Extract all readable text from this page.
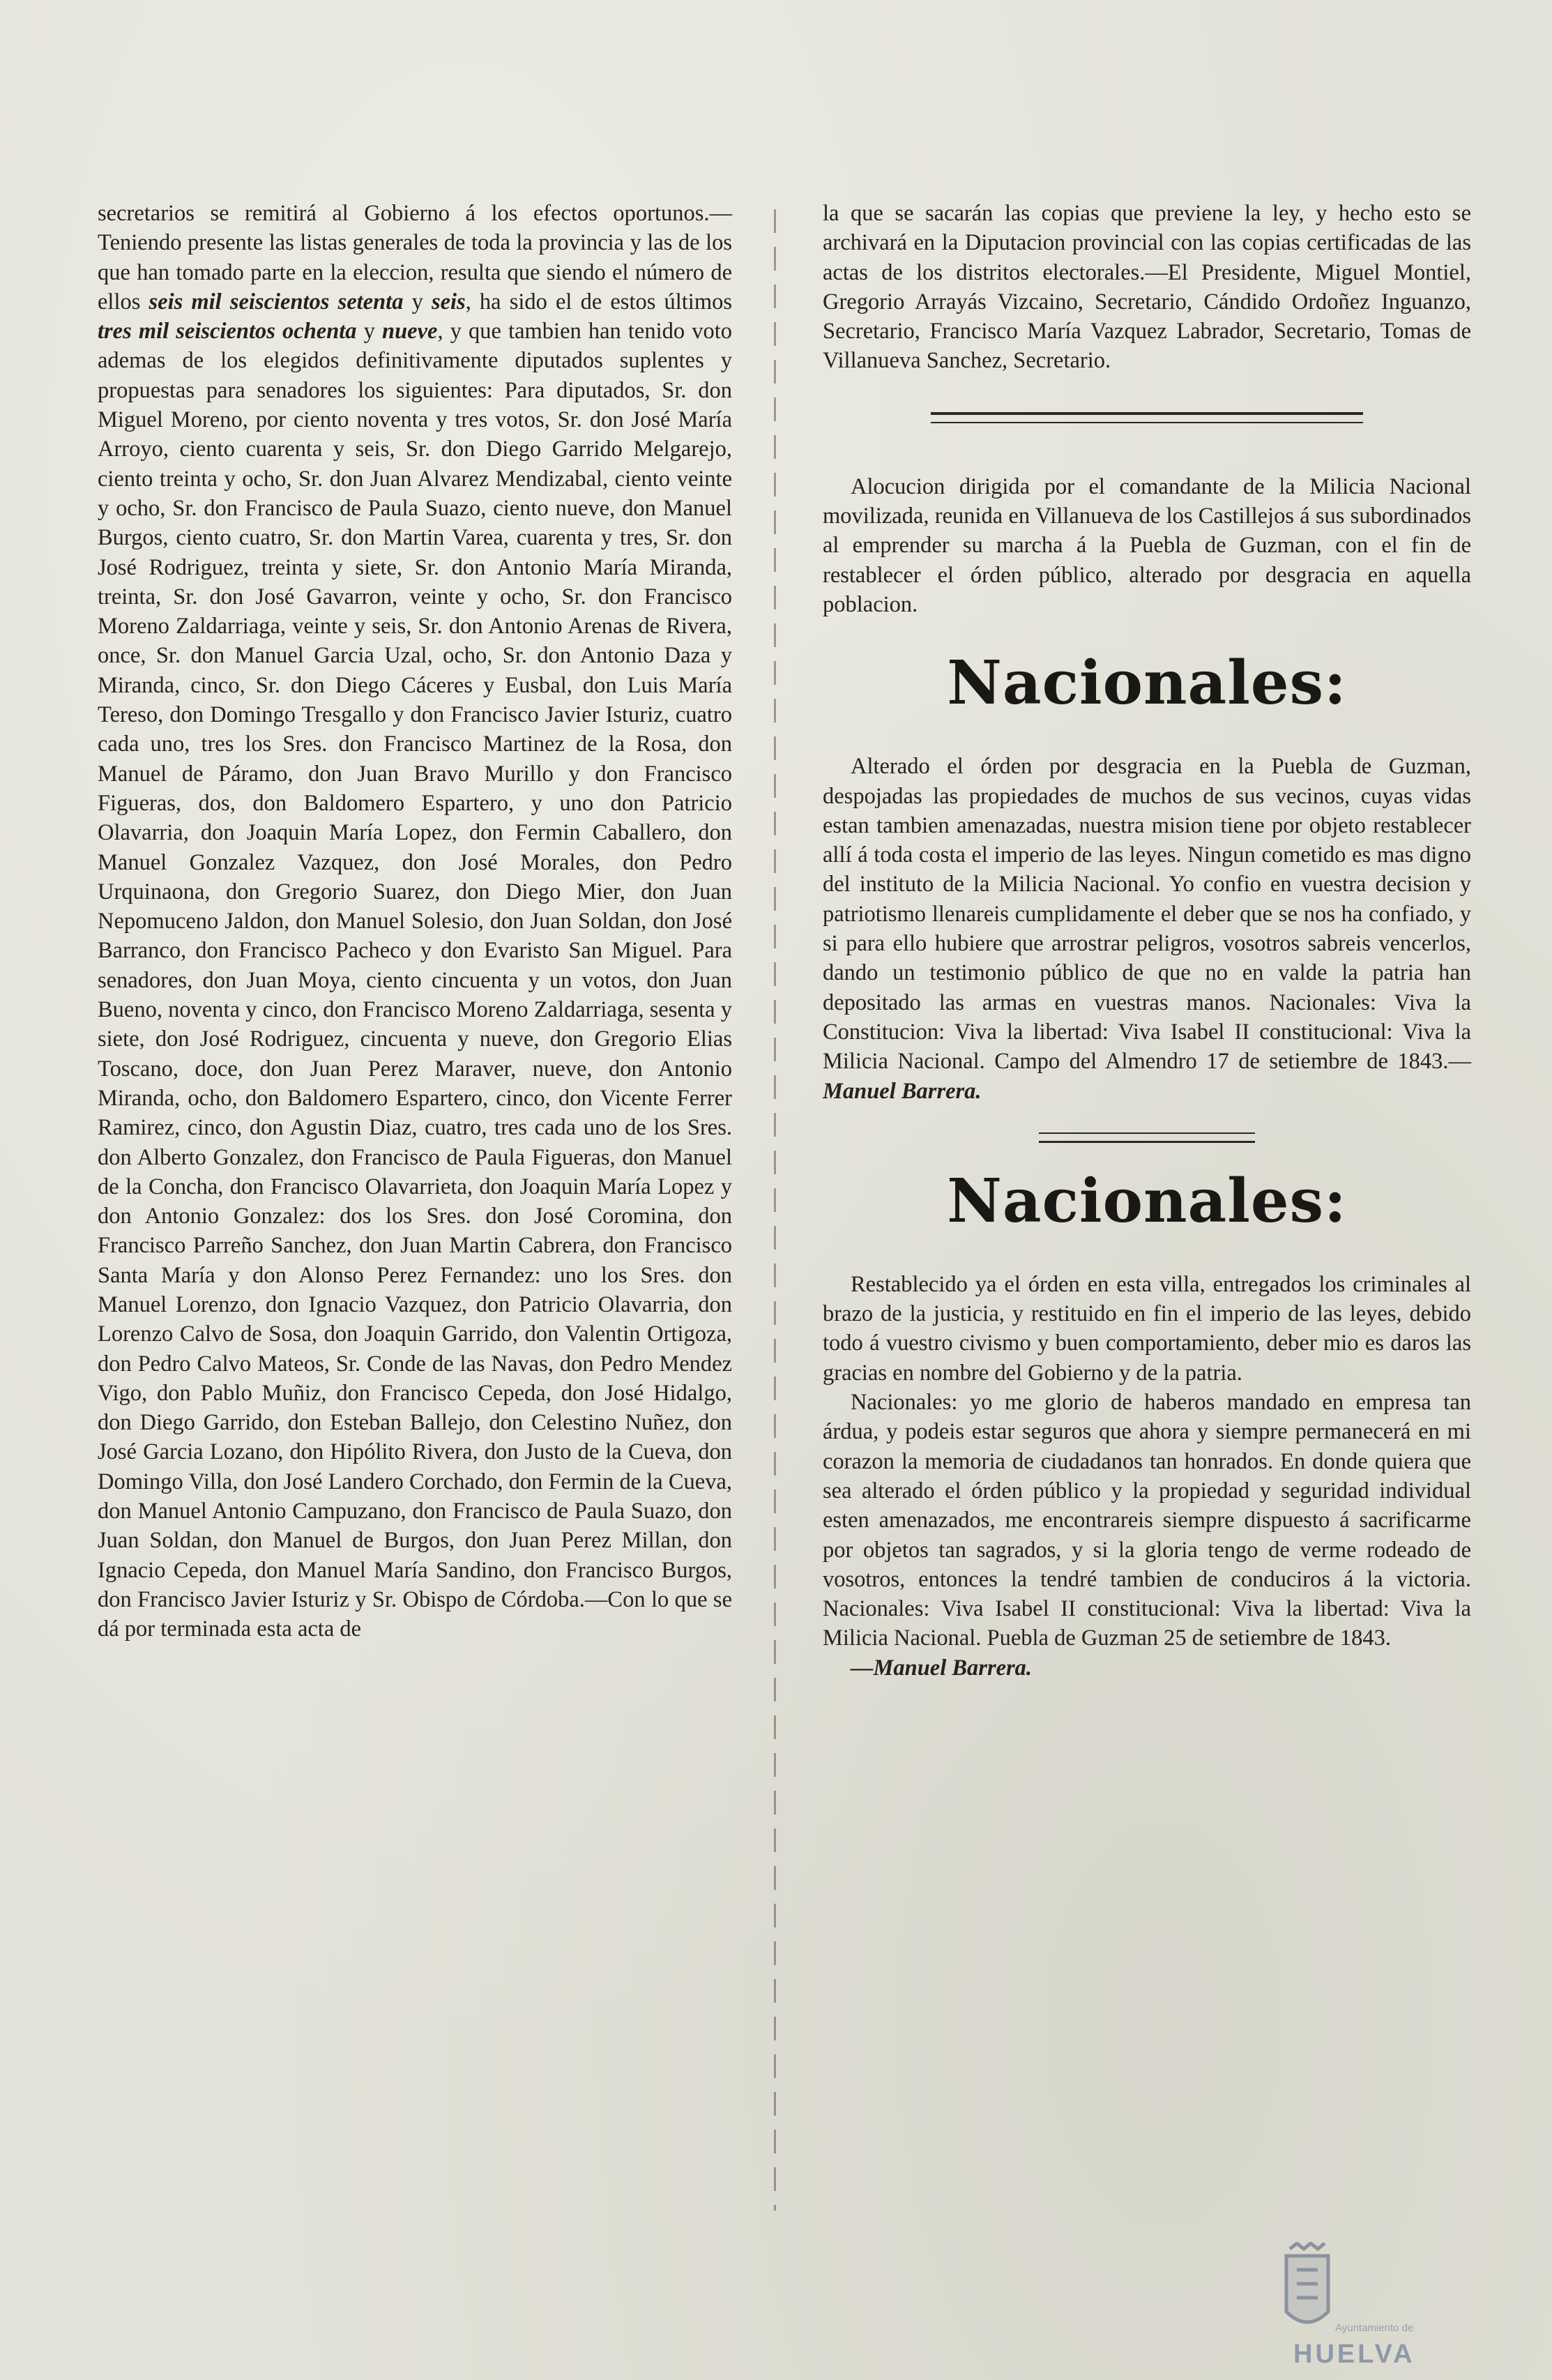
secretarios se remitirá al Gobierno á los efectos oportunos.—Teniendo presente las listas generales de toda la provincia y las de los que han tomado parte en la eleccion, resulta que siendo el número de ellos seis mil seiscientos setenta y seis, ha sido el de estos últimos tres mil seiscientos ochenta y nueve, y que tambien han tenido voto ademas de los elegidos definitivamente diputados suplentes y propuestas para senadores los siguientes: Para diputados, Sr. don Miguel Moreno, por ciento noventa y tres votos, Sr. don José María Arroyo, ciento cuarenta y seis, Sr. don Diego Garrido Melgarejo, ciento treinta y ocho, Sr. don Juan Alvarez Mendizabal, ciento veinte y ocho, Sr. don Francisco de Paula Suazo, ciento nueve, don Manuel Burgos, ciento cuatro, Sr. don Martin Varea, cuarenta y tres, Sr. don José Rodriguez, treinta y siete, Sr. don Antonio María Miranda, treinta, Sr. don José Gavarron, veinte y ocho, Sr. don Francisco Moreno Zaldarriaga, veinte y seis, Sr. don Antonio Arenas de Rivera, once, Sr. don Manuel Garcia Uzal, ocho, Sr. don Antonio Daza y Miranda, cinco, Sr. don Diego Cáceres y Eusbal, don Luis María Tereso, don Domingo Tresgallo y don Francisco Javier Isturiz, cuatro cada uno, tres los Sres. don Francisco Martinez de la Rosa, don Manuel de Páramo, don Juan Bravo Murillo y don Francisco Figueras, dos, don Baldomero Espartero, y uno don Patricio Olavarria, don Joaquin María Lopez, don Fermin Caballero, don Manuel Gonzalez Vazquez, don José Morales, don Pedro Urquinaona, don Gregorio Suarez, don Diego Mier, don Juan Nepomuceno Jaldon, don Manuel Solesio, don Juan Soldan, don José Barranco, don Francisco Pacheco y don Evaristo San Miguel. Para senadores, don Juan Moya, ciento cincuenta y un votos, don Juan Bueno, noventa y cinco, don Francisco Moreno Zaldarriaga, sesenta y siete, don José Rodriguez, cincuenta y nueve, don Gregorio Elias Toscano, doce, don Juan Perez Maraver, nueve, don Antonio Miranda, ocho, don Baldomero Espartero, cinco, don Vicente Ferrer Ramirez, cinco, don Agustin Diaz, cuatro, tres cada uno de los Sres. don Alberto Gonzalez, don Francisco de Paula Figueras, don Manuel de la Concha, don Francisco Olavarrieta, don Joaquin María Lopez y don Antonio Gonzalez: dos los Sres. don José Coromina, don Francisco Parreño Sanchez, don Juan Martin Cabrera, don Francisco Santa María y don Alonso Perez Fernandez: uno los Sres. don Manuel Lorenzo, don Ignacio Vazquez, don Patricio Olavarria, don Lorenzo Calvo de Sosa, don Joaquin Garrido, don Valentin Ortigoza, don Pedro Calvo Mateos, Sr. Conde de las Navas, don Pedro Mendez Vigo, don Pablo Muñiz, don Francisco Cepeda, don José Hidalgo, don Diego Garrido, don Esteban Ballejo, don Celestino Nuñez, don José Garcia Lozano, don Hipólito Rivera, don Justo de la Cueva, don Domingo Villa, don José Landero Corchado, don Fermin de la Cueva, don Manuel Antonio Campuzano, don Francisco de Paula Suazo, don Juan Soldan, don Manuel de Burgos, don Juan Perez Millan, don Ignacio Cepeda, don Manuel María Sandino, don Francisco Burgos, don Francisco Javier Isturiz y Sr. Obispo de Córdoba.—Con lo que se dá por terminada esta acta de

la que se sacarán las copias que previene la ley, y hecho esto se archivará en la Diputacion provincial con las copias certificadas de las actas de los distritos electorales.—El Presidente, Miguel Montiel, Gregorio Arrayás Vizcaino, Secretario, Cándido Ordoñez Inguanzo, Secretario, Francisco María Vazquez Labrador, Secretario, Tomas de Villanueva Sanchez, Secretario.

Alocucion dirigida por el comandante de la Milicia Nacional movilizada, reunida en Villanueva de los Castillejos á sus subordinados al emprender su marcha á la Puebla de Guzman, con el fin de restablecer el órden público, alterado por desgracia en aquella poblacion.

Nacionales:

Alterado el órden por desgracia en la Puebla de Guzman, despojadas las propiedades de muchos de sus vecinos, cuyas vidas estan tambien amenazadas, nuestra mision tiene por objeto restablecer allí á toda costa el imperio de las leyes. Ningun cometido es mas digno del instituto de la Milicia Nacional. Yo confio en vuestra decision y patriotismo llenareis cumplidamente el deber que se nos ha confiado, y si para ello hubiere que arrostrar peligros, vosotros sabreis vencerlos, dando un testimonio público de que no en valde la patria han depositado las armas en vuestras manos. Nacionales: Viva la Constitucion: Viva la libertad: Viva Isabel II constitucional: Viva la Milicia Nacional. Campo del Almendro 17 de setiembre de 1843.—Manuel Barrera.

Nacionales:

Restablecido ya el órden en esta villa, entregados los criminales al brazo de la justicia, y restituido en fin el imperio de las leyes, debido todo á vuestro civismo y buen comportamiento, deber mio es daros las gracias en nombre del Gobierno y de la patria.

Nacionales: yo me glorio de haberos mandado en empresa tan árdua, y podeis estar seguros que ahora y siempre permanecerá en mi corazon la memoria de ciudadanos tan honrados. En donde quiera que sea alterado el órden público y la propiedad y seguridad individual esten amenazados, me encontrareis siempre dispuesto á sacrificarme por objetos tan sagrados, y si la gloria tengo de verme rodeado de vosotros, entonces la tendré tambien de conduciros á la victoria. Nacionales: Viva Isabel II constitucional: Viva la libertad: Viva la Milicia Nacional. Puebla de Guzman 25 de setiembre de 1843.

—Manuel Barrera.

Ayuntamiento de
HUELVA
